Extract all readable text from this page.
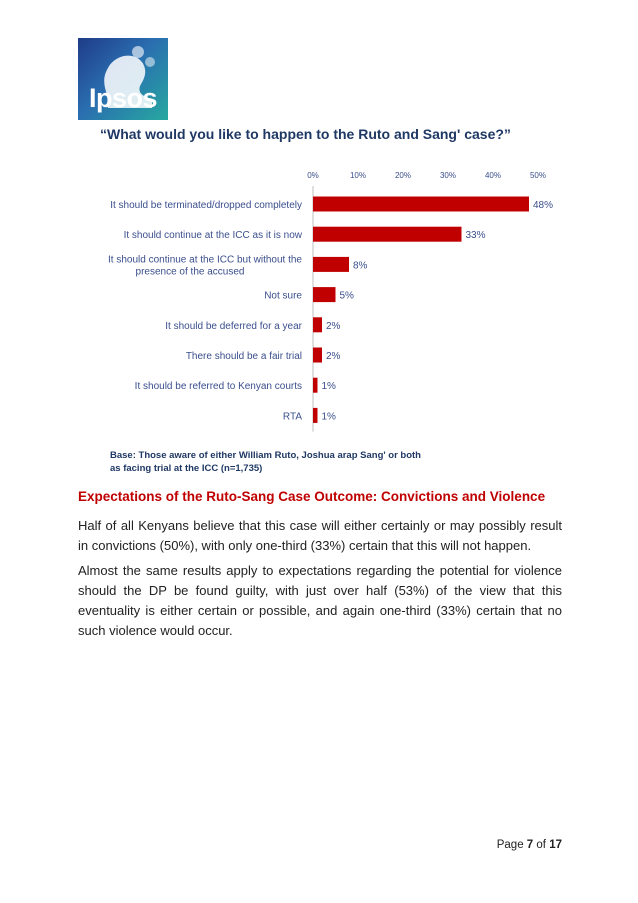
Ipsos
“What would you like to happen to the Ruto and Sang' case?”
0%	10%	20%	30%	40%	50%
48%
It should be terminated/dropped completely
33%
It should continue at the ICC as it is now
8%
It should continue at the ICC but without the presence of the accused
5%
Not sure
2%
It should be deferred for a year
2%
There should be a fair trial
1%
It should be referred to Kenyan courts
1%
RTA
Base: Those aware of either William Ruto, Joshua arap Sang' or both as facing trial at the ICC (n=1,735)
Expectations of the Ruto-Sang Case Outcome: Convictions and Violence
Half of all Kenyans believe that this case will either certainly or may possibly result in convictions (50%), with only one-third (33%) certain that this will not happen.
Almost the same results apply to expectations regarding the potential for violence should the DP be found guilty, with just over half (53%) of the view that this eventuality is either certain or possible, and again one-third (33%) certain that no such violence would occur.
Page 7 of 17
